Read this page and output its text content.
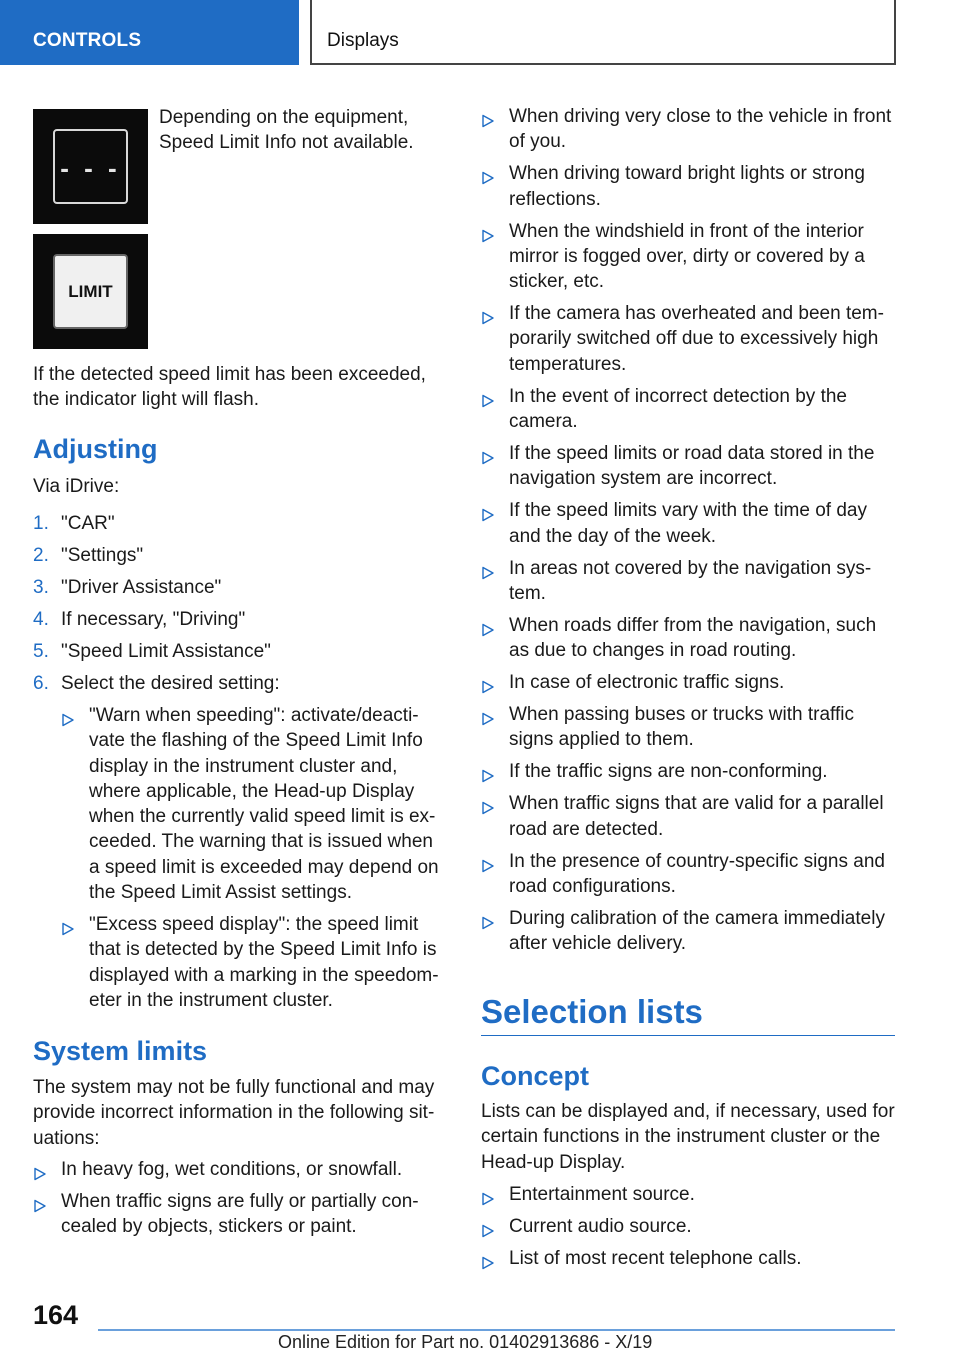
CONTROLS	Displays
- - -
LIMIT

Depending on the equipment, Speed Limit Info not available.

If the detected speed limit has been exceeded, the indicator light will flash.

Adjusting

Via iDrive:

1. "CAR"
2. "Settings"
3. "Driver Assistance"
4. If necessary, "Driving"
5. "Speed Limit Assistance"
6. Select the desired setting:
"Warn when speeding": activate/deacti‐ vate the flashing of the Speed Limit Info display in the instrument cluster and, where applicable, the Head-up Display when the currently valid speed limit is ex‐ ceeded. The warning that is issued when a speed limit is exceeded may depend on the Speed Limit Assist settings.
"Excess speed display": the speed limit that is detected by the Speed Limit Info is displayed with a marking in the speedom‐ eter in the instrument cluster.
System limits

The system may not be fully functional and may provide incorrect information in the following sit‐ uations:

In heavy fog, wet conditions, or snowfall.
When traffic signs are fully or partially con‐ cealed by objects, stickers or paint.
When driving very close to the vehicle in front of you.
When driving toward bright lights or strong reflections.
When the windshield in front of the interior mirror is fogged over, dirty or covered by a sticker, etc.
If the camera has overheated and been tem‐ porarily switched off due to excessively high temperatures.
In the event of incorrect detection by the camera.
If the speed limits or road data stored in the navigation system are incorrect.
If the speed limits vary with the time of day and the day of the week.
In areas not covered by the navigation sys‐ tem.
When roads differ from the navigation, such as due to changes in road routing.
In case of electronic traffic signs.
When passing buses or trucks with traffic signs applied to them.
If the traffic signs are non-conforming.
When traffic signs that are valid for a parallel road are detected.
In the presence of country-specific signs and road configurations.
During calibration of the camera immediately after vehicle delivery.
Selection lists
Concept

Lists can be displayed and, if necessary, used for certain functions in the instrument cluster or the Head-up Display.

Entertainment source.
Current audio source.
List of most recent telephone calls.
164
Online Edition for Part no. 01402913686 - X/19
